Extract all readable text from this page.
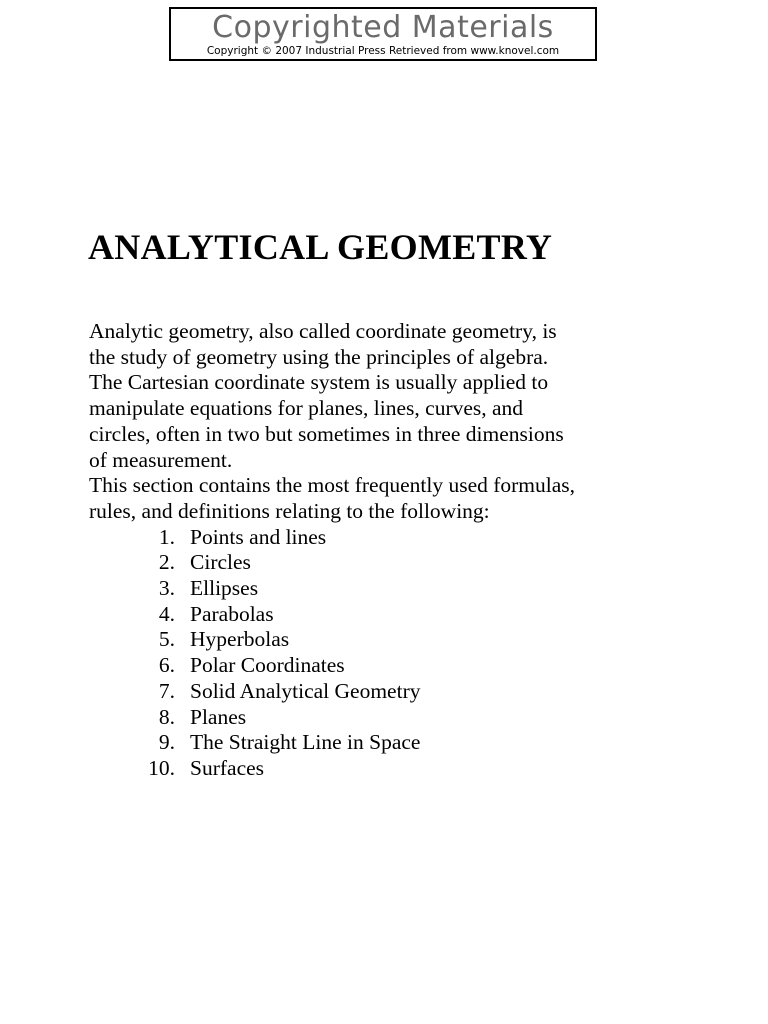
Copyrighted Materials
Copyright © 2007 Industrial Press Retrieved from www.knovel.com
ANALYTICAL GEOMETRY

Analytic geometry, also called coordinate geometry, is

the study of geometry using the principles of algebra.

The Cartesian coordinate system is usually applied to

manipulate equations for planes, lines, curves, and

circles, often in two but sometimes in three dimensions

of measurement.

This section contains the most frequently used formulas,

rules, and definitions relating to the following:

1. Points and lines
2. Circles
3. Ellipses
4. Parabolas
5. Hyperbolas
6. Polar Coordinates
7. Solid Analytical Geometry
8. Planes
9. The Straight Line in Space
10. Surfaces
